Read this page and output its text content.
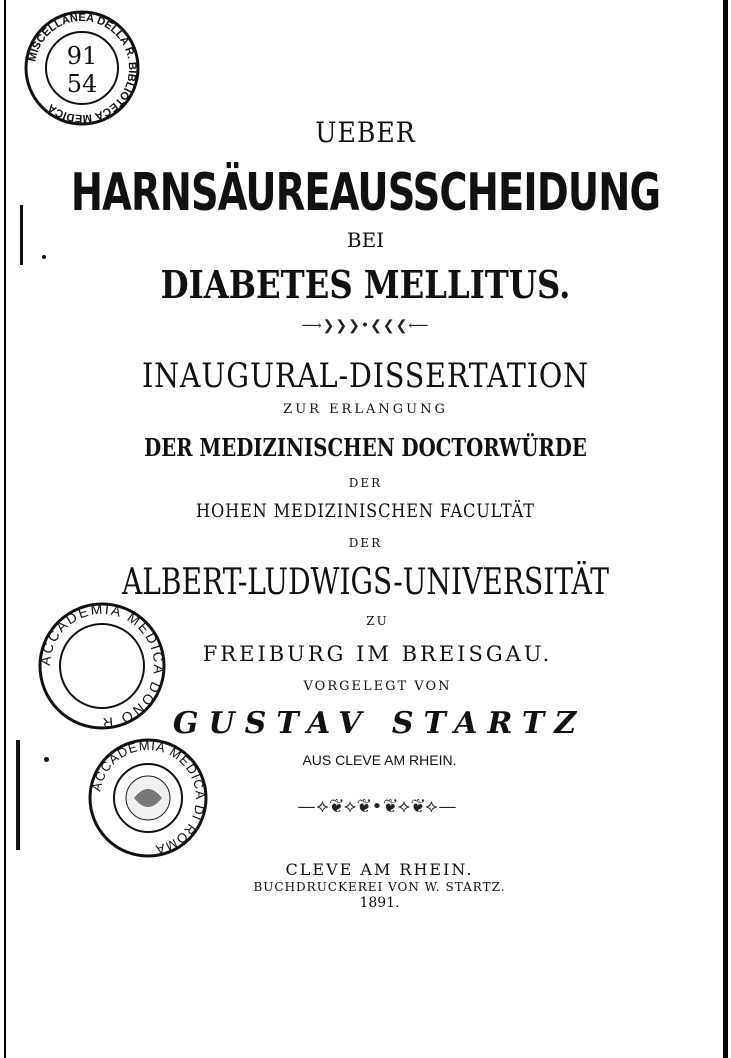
MISCELLANEA DELLA R. BIBLIOTECA MEDICA
91
54
ACCADEMIA MEDICA DONO R
ACCADEMIA MEDICA DI ROMA
UEBER
HARNSÄUREAUSSCHEIDUNG
BEI
DIABETES MELLITUS.
⟶❯❯❯•❮❮❮⟵
INAUGURAL-DISSERTATION
ZUR ERLANGUNG
DER MEDIZINISCHEN DOCTORWÜRDE
DER
HOHEN MEDIZINISCHEN FACULTÄT
DER
ALBERT-LUDWIGS-UNIVERSITÄT
ZU
FREIBURG IM BREISGAU.
VORGELEGT VON
GUSTAV STARTZ
AUS CLEVE AM RHEIN.
—⟡❦⟡❦•❦⟡❦⟡—
CLEVE AM RHEIN.
BUCHDRUCKEREI VON W. STARTZ.
1891.
